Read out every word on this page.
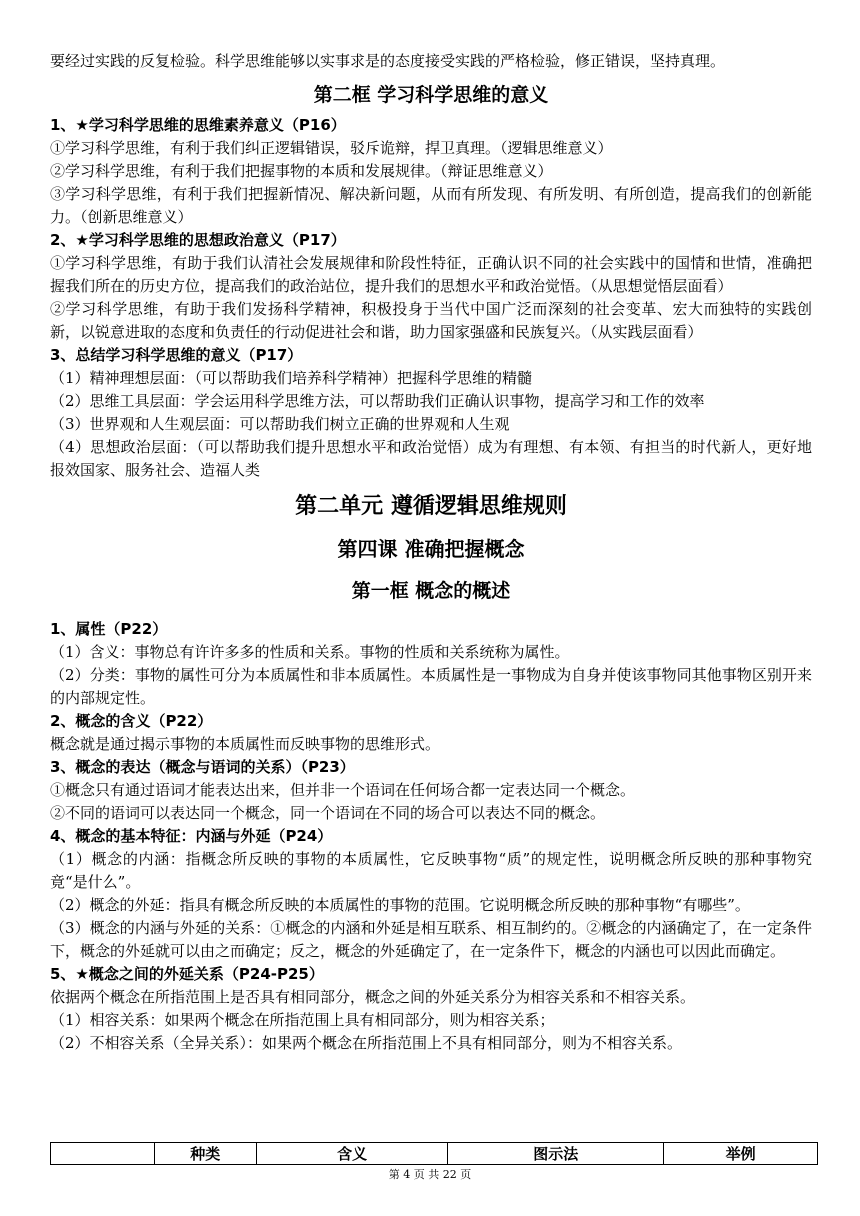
要经过实践的反复检验。科学思维能够以实事求是的态度接受实践的严格检验，修正错误，坚持真理。

第二框 学习科学思维的意义

1、★学习科学思维的思维素养意义（P16）

①学习科学思维，有利于我们纠正逻辑错误，驳斥诡辩，捍卫真理。（逻辑思维意义）

②学习科学思维，有利于我们把握事物的本质和发展规律。（辩证思维意义）

③学习科学思维，有利于我们把握新情况、解决新问题，从而有所发现、有所发明、有所创造，提高我们的创新能力。（创新思维意义）

2、★学习科学思维的思想政治意义（P17）

①学习科学思维，有助于我们认清社会发展规律和阶段性特征，正确认识不同的社会实践中的国情和世情，准确把握我们所在的历史方位，提高我们的政治站位，提升我们的思想水平和政治觉悟。（从思想觉悟层面看）

②学习科学思维，有助于我们发扬科学精神，积极投身于当代中国广泛而深刻的社会变革、宏大而独特的实践创新，以锐意进取的态度和负责任的行动促进社会和谐，助力国家强盛和民族复兴。（从实践层面看）

3、总结学习科学思维的意义（P17）

（1）精神理想层面：（可以帮助我们培养科学精神）把握科学思维的精髓

（2）思维工具层面：学会运用科学思维方法，可以帮助我们正确认识事物，提高学习和工作的效率

（3）世界观和人生观层面：可以帮助我们树立正确的世界观和人生观

（4）思想政治层面：（可以帮助我们提升思想水平和政治觉悟）成为有理想、有本领、有担当的时代新人，更好地报效国家、服务社会、造福人类

第二单元 遵循逻辑思维规则
第四课 准确把握概念
第一框 概念的概述

1、属性（P22）

（1）含义：事物总有许许多多的性质和关系。事物的性质和关系统称为属性。

（2）分类：事物的属性可分为本质属性和非本质属性。本质属性是一事物成为自身并使该事物同其他事物区别开来的内部规定性。

2、概念的含义（P22）

概念就是通过揭示事物的本质属性而反映事物的思维形式。

3、概念的表达（概念与语词的关系）（P23）

①概念只有通过语词才能表达出来，但并非一个语词在任何场合都一定表达同一个概念。

②不同的语词可以表达同一个概念，同一个语词在不同的场合可以表达不同的概念。

4、概念的基本特征：内涵与外延（P24）

（1）概念的内涵：指概念所反映的事物的本质属性，它反映事物“质”的规定性，说明概念所反映的那种事物究竟“是什么”。

（2）概念的外延：指具有概念所反映的本质属性的事物的范围。它说明概念所反映的那种事物“有哪些”。

（3）概念的内涵与外延的关系：①概念的内涵和外延是相互联系、相互制约的。②概念的内涵确定了，在一定条件下，概念的外延就可以由之而确定；反之，概念的外延确定了，在一定条件下，概念的内涵也可以因此而确定。

5、★概念之间的外延关系（P24-P25）

依据两个概念在所指范围上是否具有相同部分，概念之间的外延关系分为相容关系和不相容关系。

（1）相容关系：如果两个概念在所指范围上具有相同部分，则为相容关系；

（2）不相容关系（全异关系）：如果两个概念在所指范围上不具有相同部分，则为不相容关系。

	种类	含义	图示法	举例
第 4 页 共 22 页
